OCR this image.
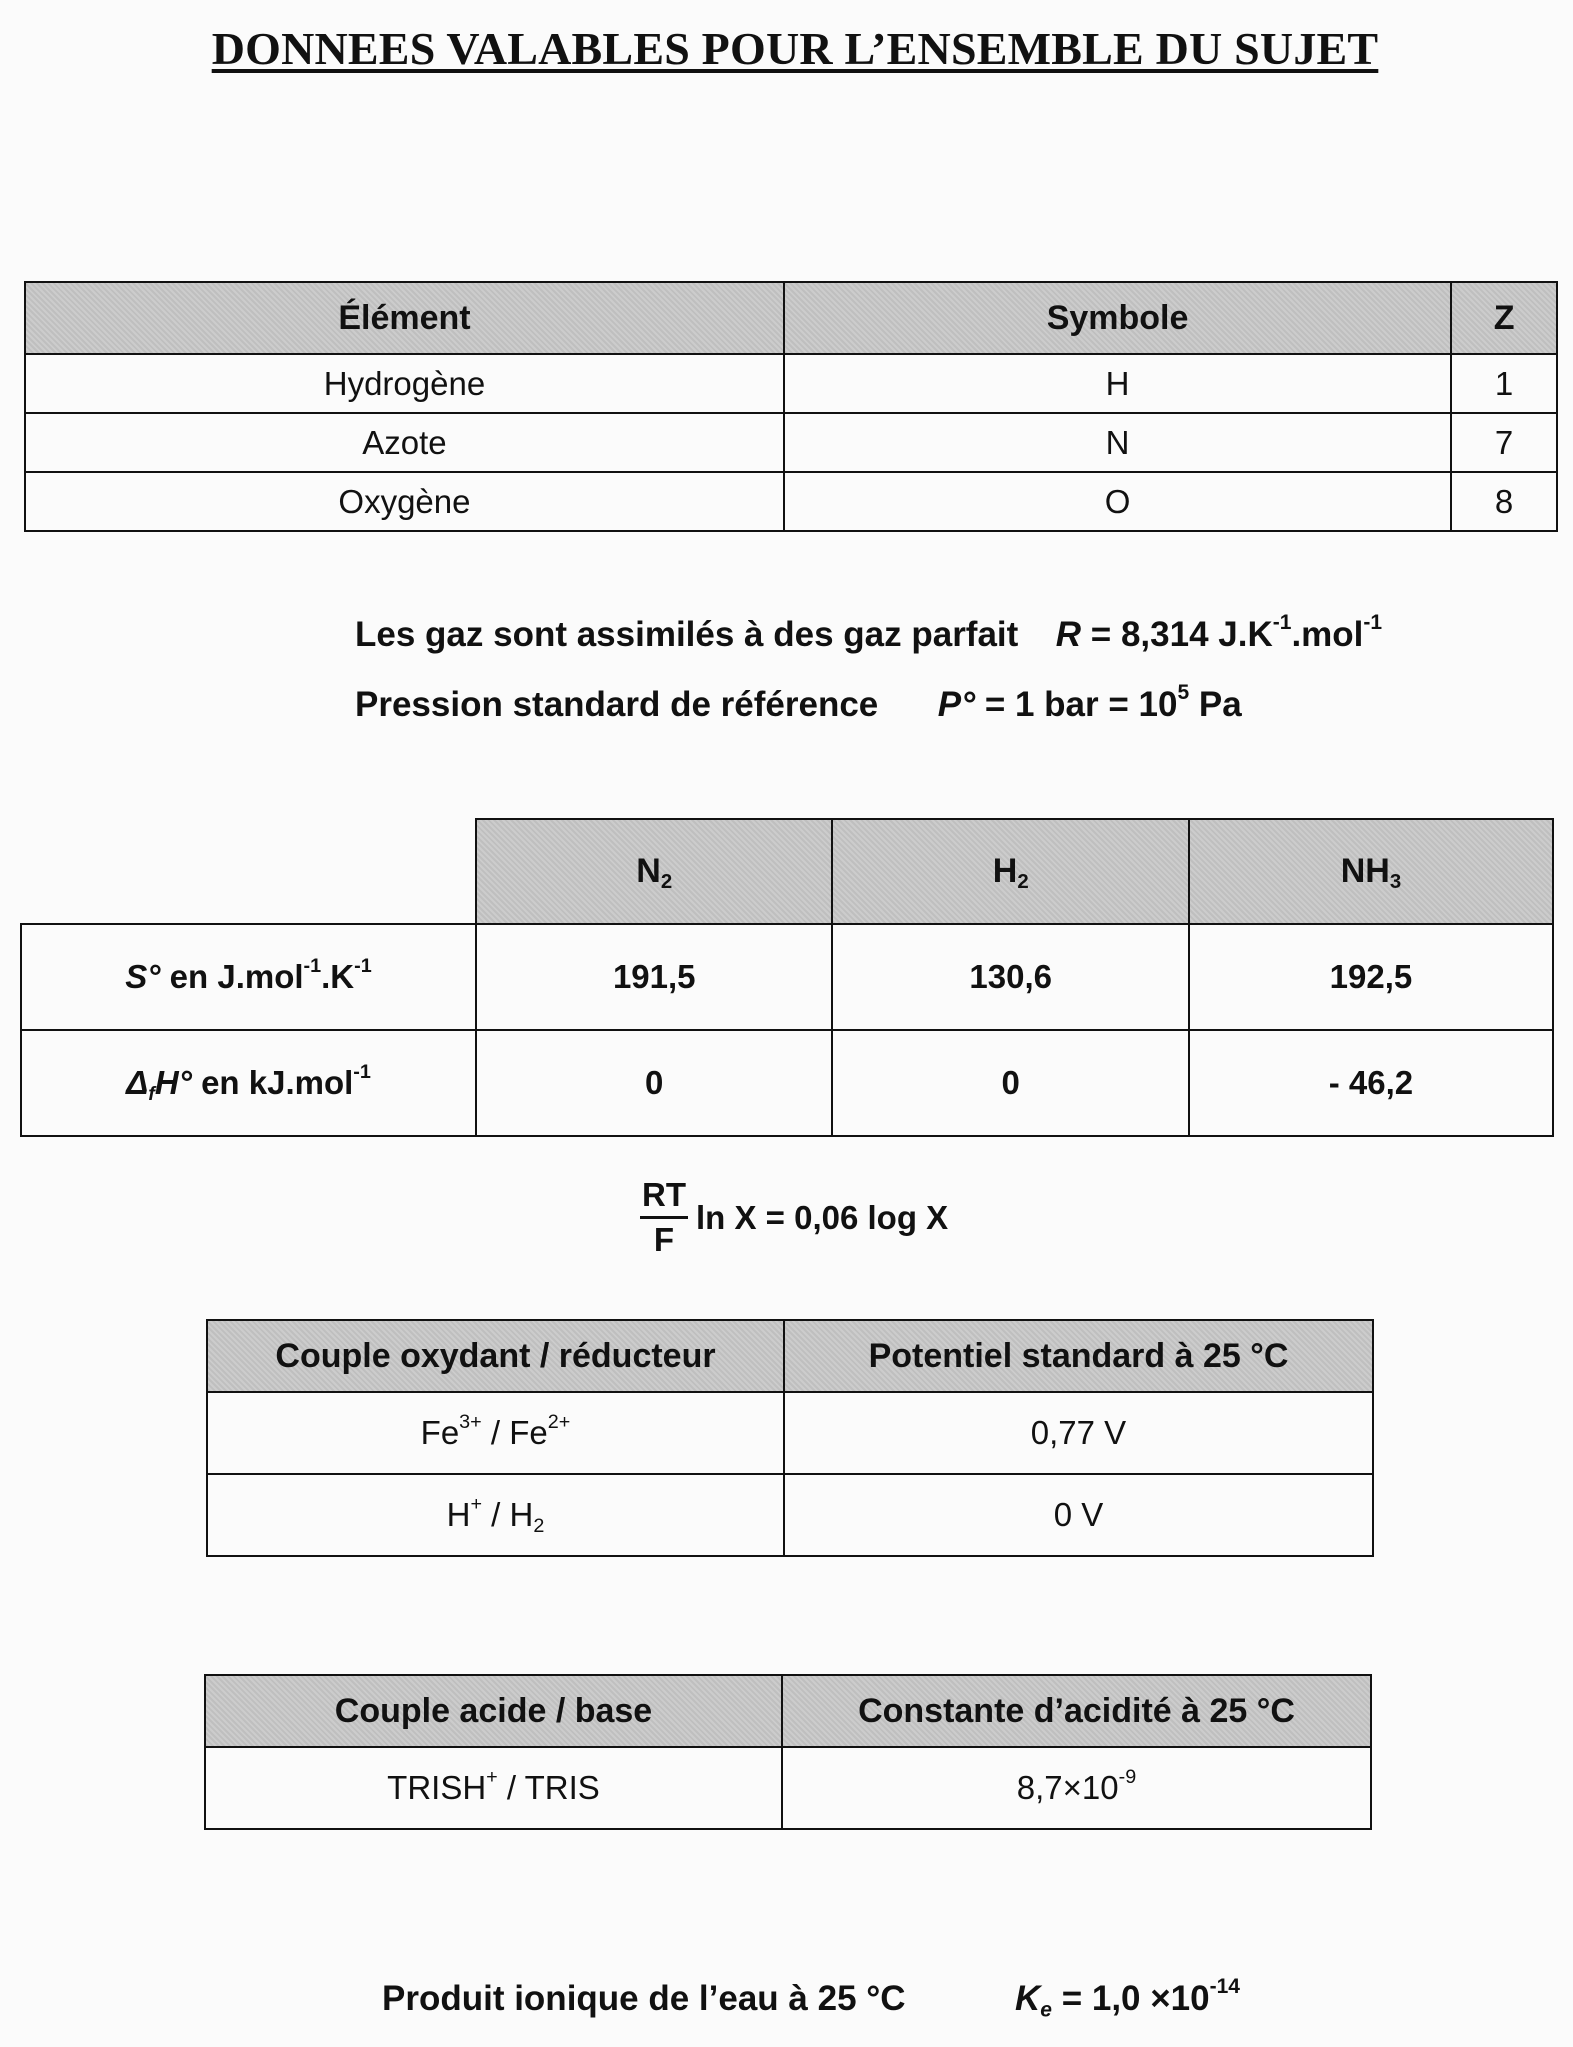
DONNEES VALABLES POUR L’ENSEMBLE DU SUJET
Élément	Symbole	Z
Hydrogène	H	1
Azote	N	7
Oxygène	O	8
Les gaz sont assimilés à des gaz parfait R = 8,314 $J.K^{-1}.mol^{-1}$
Pression standard de référence P° = 1 bar = $10^5$ Pa
	$N_2$	$H_2$	$NH_3$
S° en $J.mol^{-1}.K^{-1}$	191,5	130,6	192,5
$\Delta_fH^\circ$ en kJ.mol$^{-1}$	0	0	- 46,2
$\frac{RT}{F}$ ln X = 0,06 log X
Couple oxydant / réducteur	Potentiel standard à 25 °C
$Fe^{3+} / Fe^{2+}$	0,77 V
$H^+ / H_2$	0 V
Couple acide / base	Constante d’acidité à 25 °C
TRISH+ / TRIS	$8,7\times 10^{-9}$
Produit ionique de l’eau à 25 °C	$K_e = 1,0 \times 10^{-14}$
